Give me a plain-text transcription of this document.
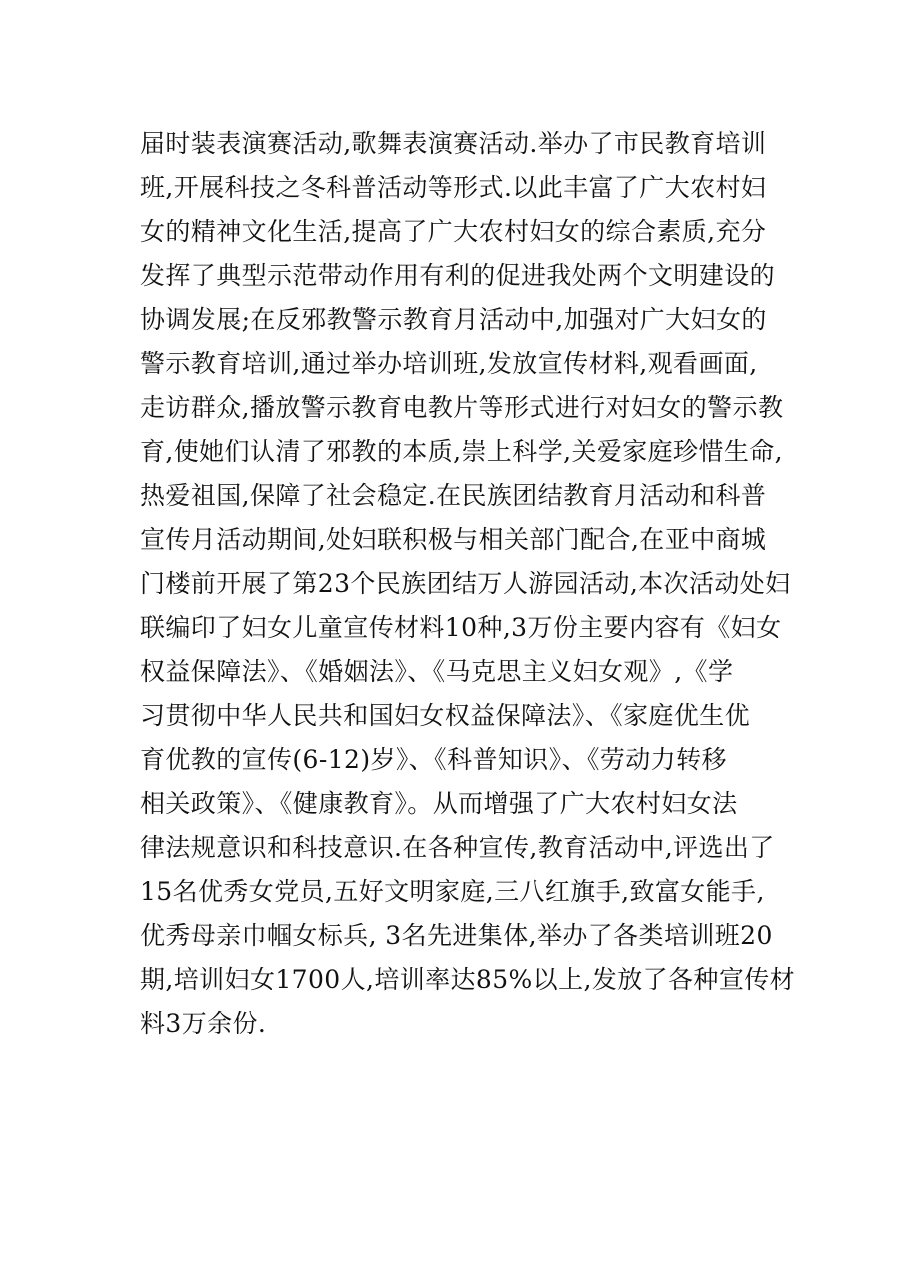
届时装表演赛活动,歌舞表演赛活动.举办了市民教育培训
班,开展科技之冬科普活动等形式.以此丰富了广大农村妇
女的精神文化生活,提高了广大农村妇女的综合素质,充分
发挥了典型示范带动作用有利的促进我处两个文明建设的
协调发展;在反邪教警示教育月活动中,加强对广大妇女的
警示教育培训,通过举办培训班,发放宣传材料,观看画面,
走访群众,播放警示教育电教片等形式进行对妇女的警示教
育,使她们认清了邪教的本质,崇上科学,关爱家庭珍惜生命,
热爱祖国,保障了社会稳定.在民族团结教育月活动和科普
宣传月活动期间,处妇联积极与相关部门配合,在亚中商城
门楼前开展了第23个民族团结万人游园活动,本次活动处妇
联编印了妇女儿童宣传材料10种,3万份主要内容有《妇女
权益保障法》、《婚姻法》、《马克思主义妇女观》,《学
习贯彻中华人民共和国妇女权益保障法》、《家庭优生优
育优教的宣传(6-12)岁》、《科普知识》、《劳动力转移
相关政策》、《健康教育》。从而增强了广大农村妇女法
律法规意识和科技意识.在各种宣传,教育活动中,评选出了
15名优秀女党员,五好文明家庭,三八红旗手,致富女能手,
优秀母亲巾帼女标兵, 3名先进集体,举办了各类培训班20
期,培训妇女1700人,培训率达85%以上,发放了各种宣传材
料3万余份.
